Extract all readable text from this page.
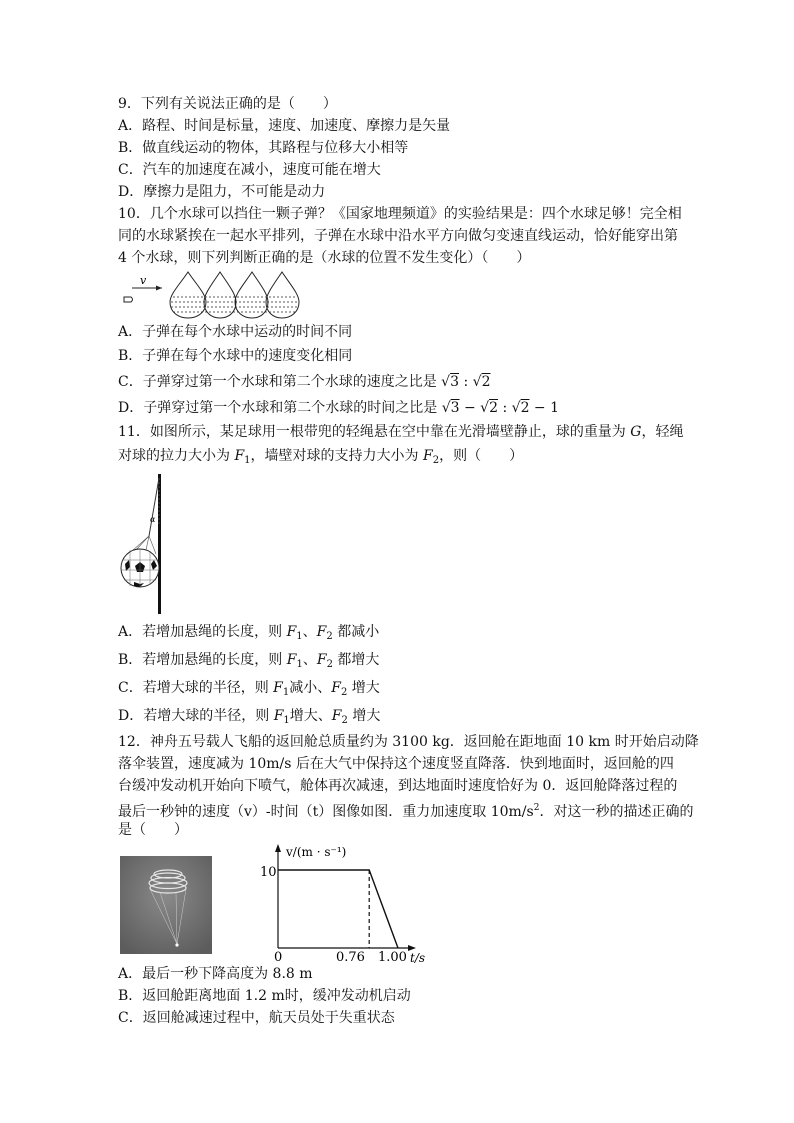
9．下列有关说法正确的是（　　）
A．路程、时间是标量，速度、加速度、摩擦力是矢量
B．做直线运动的物体，其路程与位移大小相等
C．汽车的加速度在减小，速度可能在增大
D．摩擦力是阻力，不可能是动力
10．几个水球可以挡住一颗子弹？《国家地理频道》的实验结果是：四个水球足够！完全相
同的水球紧挨在一起水平排列，子弹在水球中沿水平方向做匀变速直线运动，恰好能穿出第
4 个水球，则下列判断正确的是（水球的位置不发生变化）（　　）
v
A．子弹在每个水球中运动的时间不同
B．子弹在每个水球中的速度变化相同
C．子弹穿过第一个水球和第二个水球的速度之比是 √3 : √2
D．子弹穿过第一个水球和第二个水球的时间之比是 √3 − √2 : √2 − 1
11．如图所示，某足球用一根带兜的轻绳悬在空中靠在光滑墙壁静止，球的重量为 G，轻绳
对球的拉力大小为 $F_1$，墙壁对球的支持力大小为 $F_2$，则（　　）
α
A．若增加悬绳的长度，则 $F_1$、$F_2$ 都减小
B．若增加悬绳的长度，则 $F_1$、$F_2$ 都增大
C．若增大球的半径，则 $F_1$减小、$F_2$ 增大
D．若增大球的半径，则 $F_1$增大、$F_2$ 增大
12．神舟五号载人飞船的返回舱总质量约为 3100 kg．返回舱在距地面 10 km 时开始启动降
落伞装置，速度减为 10m/s 后在大气中保持这个速度竖直降落．快到地面时，返回舱的四
台缓冲发动机开始向下喷气，舱体再次减速，到达地面时速度恰好为 0．返回舱降落过程的
最后一秒钟的速度（v）-时间（t）图像如图．重力加速度取 $10m/s^2$．对这一秒的描述正确的
是（　　）
v/(m · s⁻¹)
t/s
10
0	0.76 1.00
A．最后一秒下降高度为 8.8 m
B．返回舱距离地面 1.2 m时，缓冲发动机启动
C．返回舱减速过程中，航天员处于失重状态
